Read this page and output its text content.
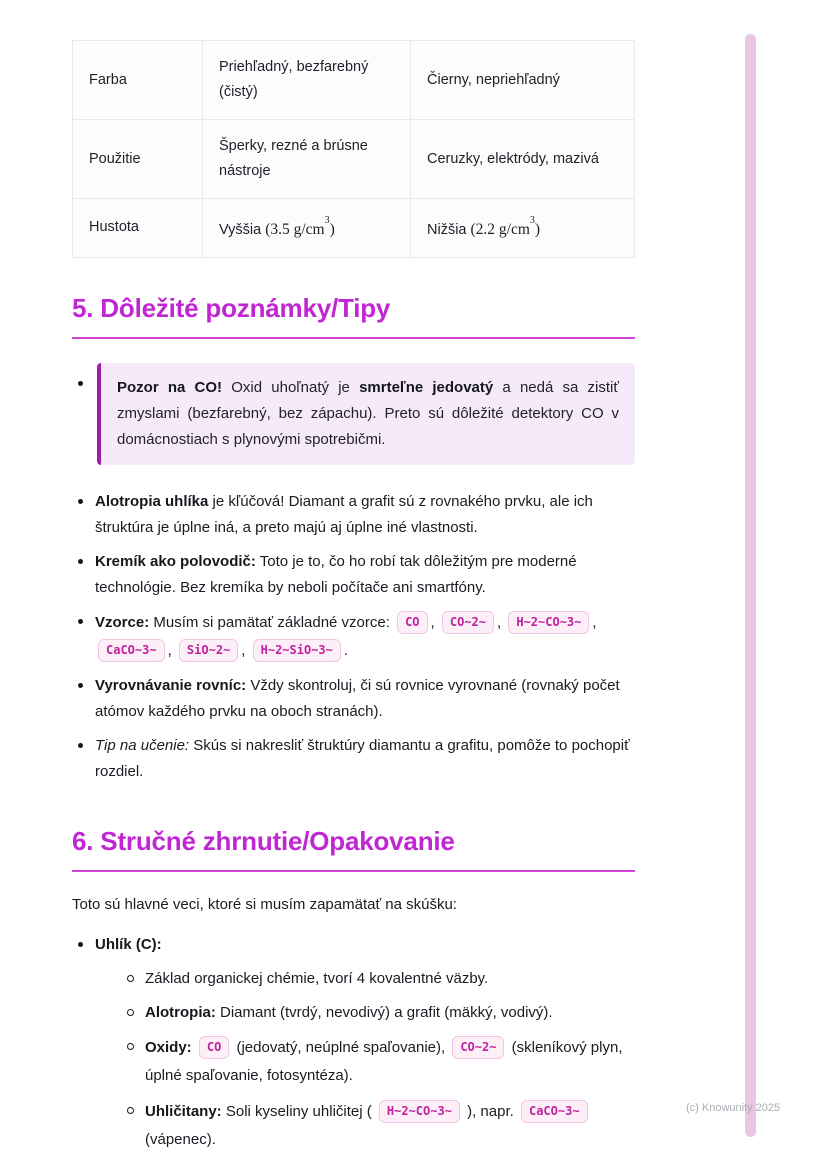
Farba	Priehľadný, bezfarebný (čistý)	Čierny, nepriehľadný
Použitie	Šperky, rezné a brúsne nástroje	Ceruzky, elektródy, mazivá
Hustota	Vyššia (3.5 $g/cm^3$)	Nižšia (2.2 $g/cm^3$)
5. Dôležité poznámky/Tipy
Pozor na CO! Oxid uhoľnatý je smrteľne jedovatý a nedá sa zistiť zmyslami (bezfarebný, bez zápachu). Preto sú dôležité detektory CO v domácnostiach s plynovými spotrebičmi.
Alotropia uhlíka je kľúčová! Diamant a grafit sú z rovnakého prvku, ale ich štruktúra je úplne iná, a preto majú aj úplne iné vlastnosti.
Kremík ako polovodič: Toto je to, čo ho robí tak dôležitým pre moderné technológie. Bez kremíka by neboli počítače ani smartfóny.
Vzorce: Musím si pamätať základné vzorce: CO , CO~2~ , H~2~CO~3~ , CaCO~3~ , SiO~2~ , H~2~SiO~3~ .
Vyrovnávanie rovníc: Vždy skontroluj, či sú rovnice vyrovnané (rovnaký počet atómov každého prvku na oboch stranách).
Tip na učenie: Skús si nakresliť štruktúry diamantu a grafitu, pomôže to pochopiť rozdiel.
6. Stručné zhrnutie/Opakovanie

Toto sú hlavné veci, ktoré si musím zapamätať na skúšku:

Uhlík (C):
Základ organickej chémie, tvorí 4 kovalentné väzby.
Alotropia: Diamant (tvrdý, nevodivý) a grafit (mäkký, vodivý).
Oxidy: CO (jedovatý, neúplné spaľovanie), CO~2~ (skleníkový plyn, úplné spaľovanie, fotosyntéza).
Uhličitany: Soli kyseliny uhličitej ( H~2~CO~3~ ), napr. CaCO~3~ (vápenec).
(c) Knowunity 2025
